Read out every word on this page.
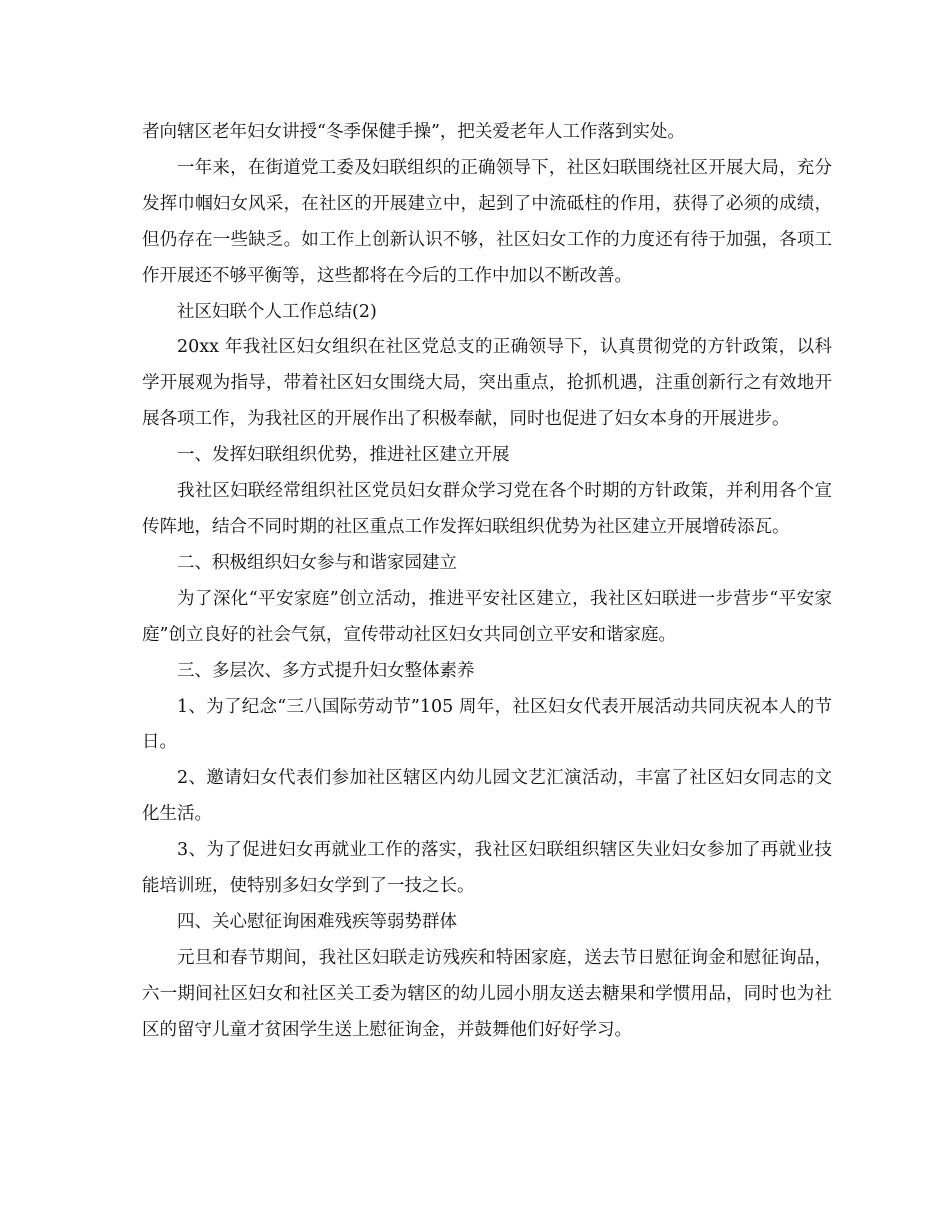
者向辖区老年妇女讲授“冬季保健手操”，把关爱老年人工作落到实处。

一年来，在街道党工委及妇联组织的正确领导下，社区妇联围绕社区开展大局，充分发挥巾帼妇女风采，在社区的开展建立中，起到了中流砥柱的作用，获得了必须的成绩，但仍存在一些缺乏。如工作上创新认识不够，社区妇女工作的力度还有待于加强，各项工作开展还不够平衡等，这些都将在今后的工作中加以不断改善。

社区妇联个人工作总结(2)

20xx 年我社区妇女组织在社区党总支的正确领导下，认真贯彻党的方针政策，以科学开展观为指导，带着社区妇女围绕大局，突出重点，抢抓机遇，注重创新行之有效地开展各项工作，为我社区的开展作出了积极奉献，同时也促进了妇女本身的开展进步。

一、发挥妇联组织优势，推进社区建立开展

我社区妇联经常组织社区党员妇女群众学习党在各个时期的方针政策，并利用各个宣传阵地，结合不同时期的社区重点工作发挥妇联组织优势为社区建立开展增砖添瓦。

二、积极组织妇女参与和谐家园建立

为了深化“平安家庭”创立活动，推进平安社区建立，我社区妇联进一步营步“平安家庭”创立良好的社会气氛，宣传带动社区妇女共同创立平安和谐家庭。

三、多层次、多方式提升妇女整体素养

1、为了纪念“三八国际劳动节”105 周年，社区妇女代表开展活动共同庆祝本人的节日。

2、邀请妇女代表们参加社区辖区内幼儿园文艺汇演活动，丰富了社区妇女同志的文化生活。

3、为了促进妇女再就业工作的落实，我社区妇联组织辖区失业妇女参加了再就业技能培训班，使特别多妇女学到了一技之长。

四、关心慰征询困难残疾等弱势群体

元旦和春节期间，我社区妇联走访残疾和特困家庭，送去节日慰征询金和慰征询品，六一期间社区妇女和社区关工委为辖区的幼儿园小朋友送去糖果和学惯用品，同时也为社区的留守儿童才贫困学生送上慰征询金，并鼓舞他们好好学习。
